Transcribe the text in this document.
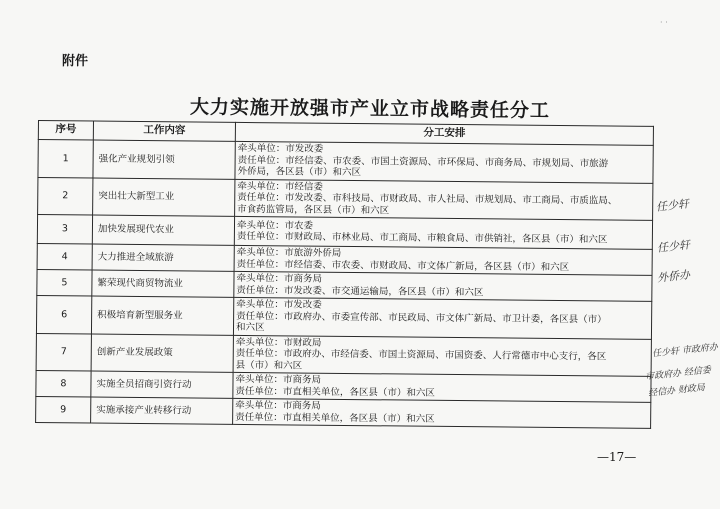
· ·
附件
大力实施开放强市产业立市战略责任分工
序号	工作内容	分工安排
1	强化产业规划引领	牵头单位：市发改委
责任单位：市经信委、市农委、市国土资源局、市环保局、市商务局、市规划局、市旅游
外侨局，各区县（市）和六区

2	突出壮大新型工业	牵头单位：市经信委
责任单位：市发改委、市科技局、市财政局、市人社局、市规划局、市工商局、市质监局、
市食药监管局，各区县（市）和六区

3	加快发展现代农业	牵头单位：市农委
责任单位：市财政局、市林业局、市工商局、市粮食局、市供销社，各区县（市）和六区

4	大力推进全域旅游	牵头单位：市旅游外侨局
责任单位：市经信委、市农委、市财政局、市文体广新局，各区县（市）和六区

5	繁荣现代商贸物流业	牵头单位：市商务局
责任单位：市发改委、市交通运输局，各区县（市）和六区

6	积极培育新型服务业	牵头单位：市发改委
责任单位：市政府办、市委宣传部、市民政局、市文体广新局、市卫计委，各区县（市）
和六区

7	创新产业发展政策	牵头单位：市财政局
责任单位：市政府办、市经信委、市国土资源局、市国资委、人行常德市中心支行，各区
县（市）和六区

8	实施全员招商引资行动	牵头单位：市商务局
责任单位：市直相关单位，各区县（市）和六区

9	实施承接产业转移行动	牵头单位：市商务局
责任单位：市直相关单位，各区县（市）和六区
任少轩
任少轩
外侨办
任少轩 市政府办
市政府办 经信委
经信办 财政局
—17—
